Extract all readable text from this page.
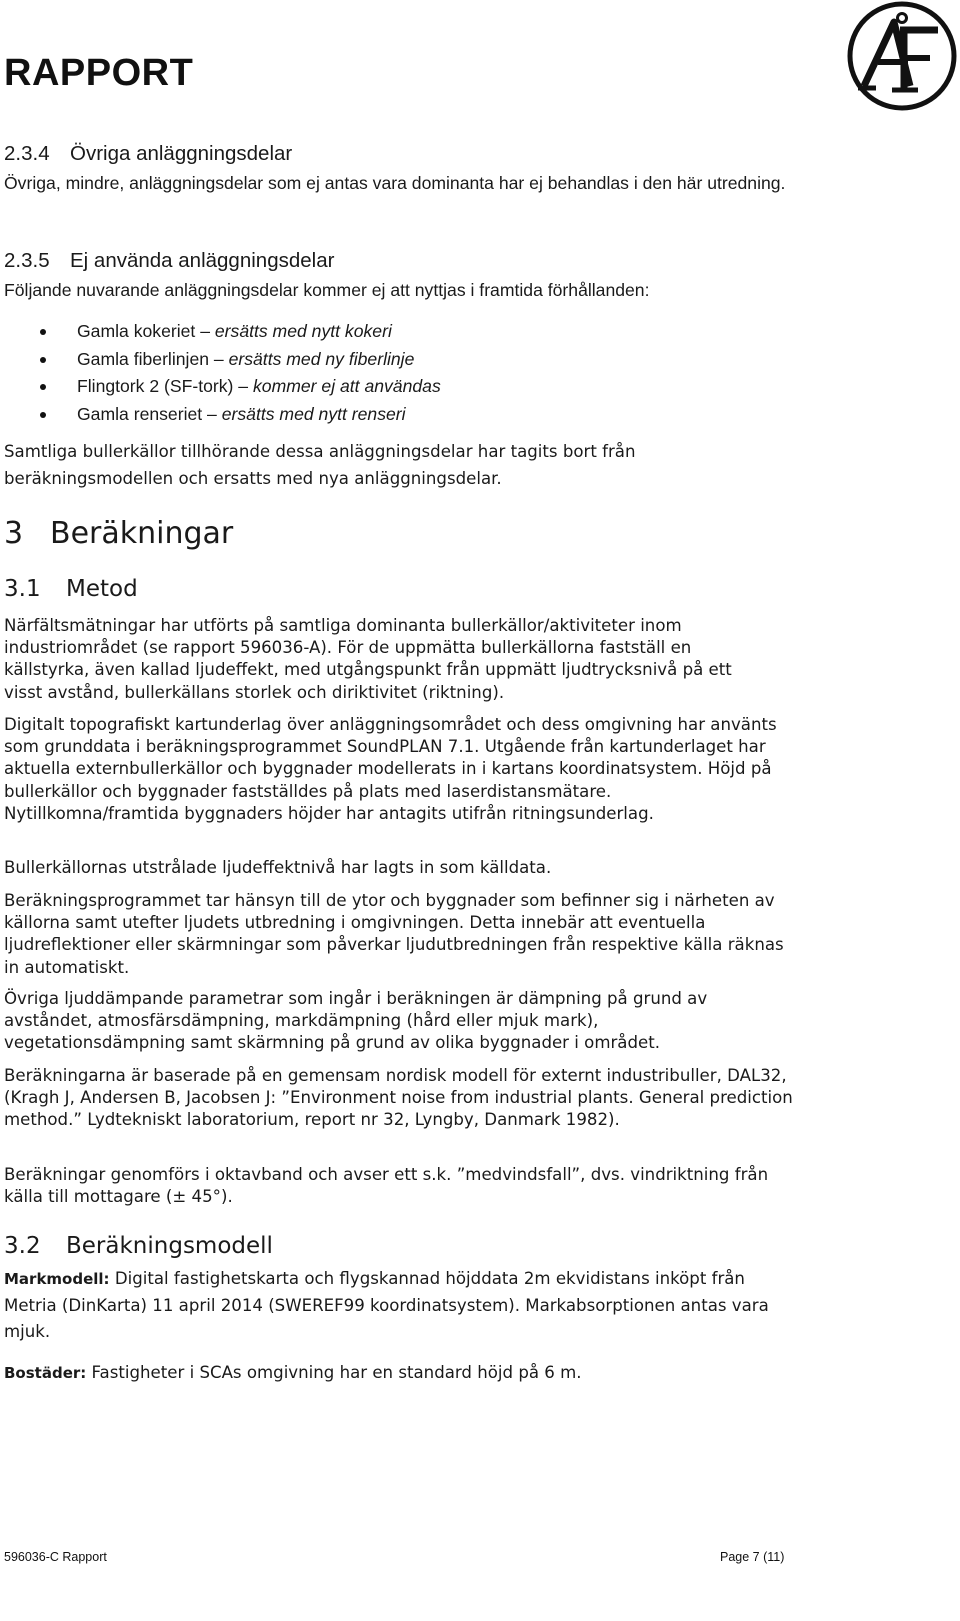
RAPPORT
2.3.4 Övriga anläggningsdelar

Övriga, mindre, anläggningsdelar som ej antas vara dominanta har ej behandlas i den här utredning.

2.3.5 Ej använda anläggningsdelar

Följande nuvarande anläggningsdelar kommer ej att nyttjas i framtida förhållanden:

Gamla kokeriet – ersätts med nytt kokeri
Gamla fiberlinjen – ersätts med ny fiberlinje
Flingtork 2 (SF-tork) – kommer ej att användas
Gamla renseriet – ersätts med nytt renseri

Samtliga bullerkällor tillhörande dessa anläggningsdelar har tagits bort från beräkningsmodellen och ersatts med nya anläggningsdelar.

3 Beräkningar
3.1 Metod

Närfältsmätningar har utförts på samtliga dominanta bullerkällor/aktiviteter inom industriområdet (se rapport 596036-A). För de uppmätta bullerkällorna fastställ en källstyrka, även kallad ljudeffekt, med utgångspunkt från uppmätt ljudtrycksnivå på ett visst avstånd, bullerkällans storlek och diriktivitet (riktning).

Digitalt topografiskt kartunderlag över anläggningsområdet och dess omgivning har använts som grunddata i beräkningsprogrammet SoundPLAN 7.1. Utgående från kartunderlaget har aktuella externbullerkällor och byggnader modellerats in i kartans koordinatsystem. Höjd på bullerkällor och byggnader fastställdes på plats med laserdistansmätare. Nytillkomna/framtida byggnaders höjder har antagits utifrån ritningsunderlag.

Bullerkällornas utstrålade ljudeffektnivå har lagts in som källdata.

Beräkningsprogrammet tar hänsyn till de ytor och byggnader som befinner sig i närheten av källorna samt utefter ljudets utbredning i omgivningen. Detta innebär att eventuella ljudreflektioner eller skärmningar som påverkar ljudutbredningen från respektive källa räknas in automatiskt.

Övriga ljuddämpande parametrar som ingår i beräkningen är dämpning på grund av avståndet, atmosfärsdämpning, markdämpning (hård eller mjuk mark), vegetationsdämpning samt skärmning på grund av olika byggnader i området.

Beräkningarna är baserade på en gemensam nordisk modell för externt industribuller, DAL32, (Kragh J, Andersen B, Jacobsen J: ”Environment noise from industrial plants. General prediction method.” Lydtekniskt laboratorium, report nr 32, Lyngby, Danmark 1982).

Beräkningar genomförs i oktavband och avser ett s.k. ”medvindsfall”, dvs. vindriktning från källa till mottagare (± 45°).

3.2 Beräkningsmodell

Markmodell: Digital fastighetskarta och flygskannad höjddata 2m ekvidistans inköpt från Metria (DinKarta) 11 april 2014 (SWEREF99 koordinatsystem). Markabsorptionen antas vara mjuk.

Bostäder: Fastigheter i SCAs omgivning har en standard höjd på 6 m.

596036-C Rapport	Page 7 (11)
